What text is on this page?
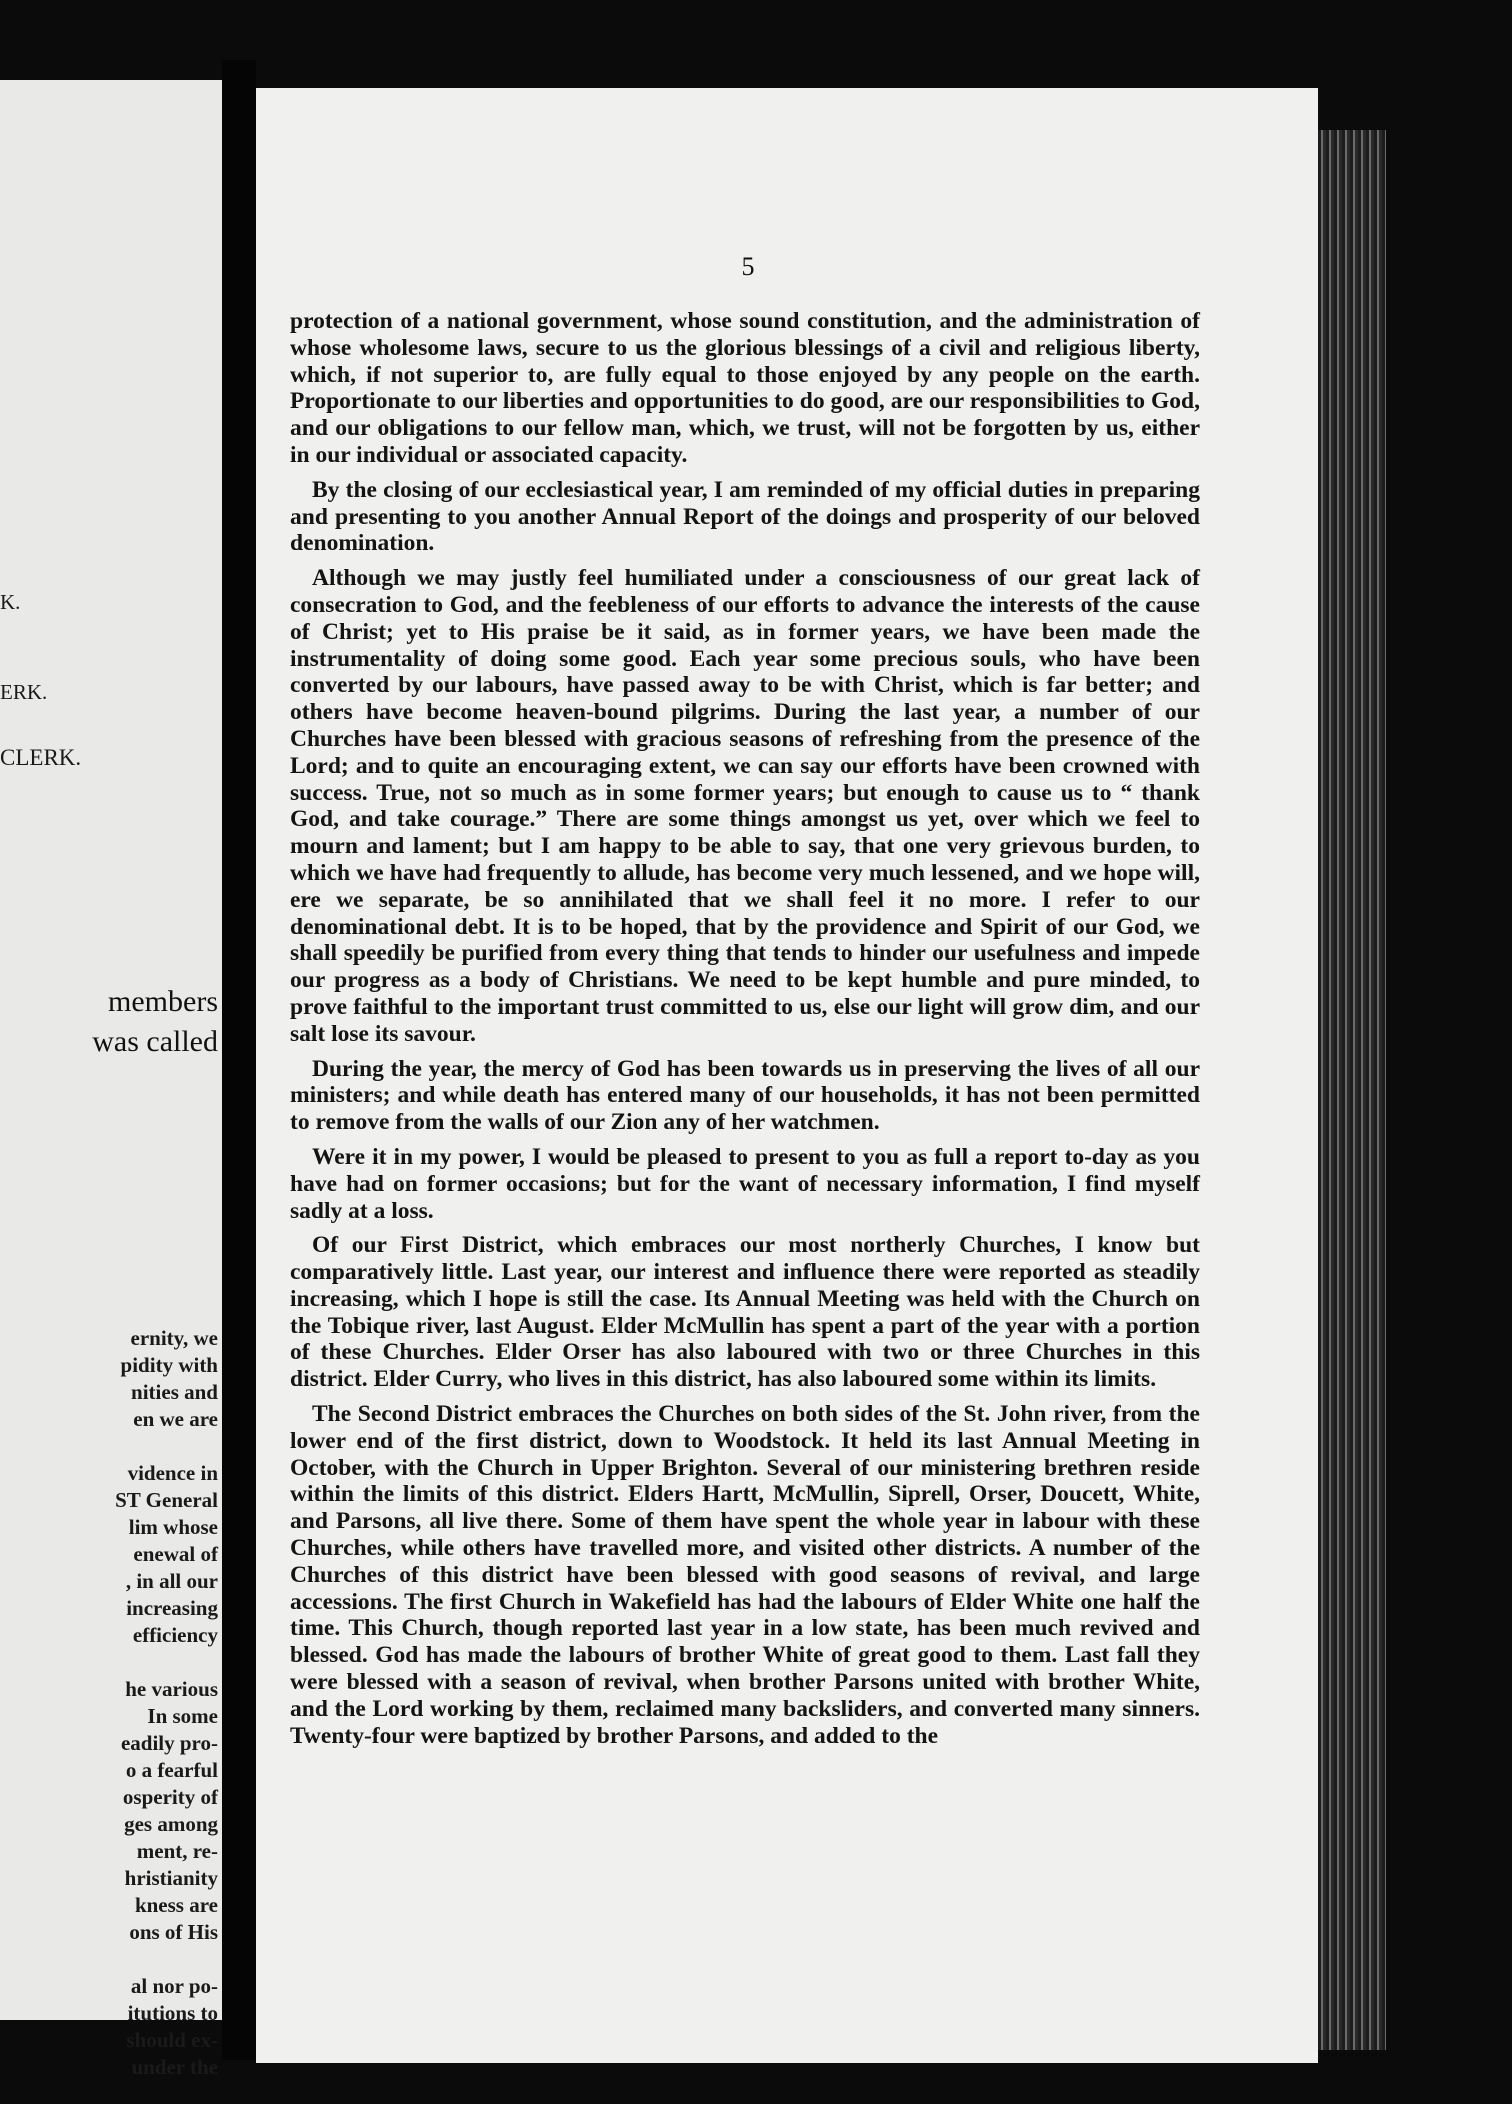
K.
ERK.
CLERK.
members
was called
ernity, we
pidity with
nities and
en we are

vidence in
ST General
lim whose
enewal of
, in all our
increasing
efficiency

he various
In some
eadily pro-
o a fearful
osperity of
ges among
ment, re-
hristianity
kness are
ons of His

al nor po-
itutions to
should ex-
under the
5

protection of a national government, whose sound constitution, and the administration of whose wholesome laws, secure to us the glorious blessings of a civil and religious liberty, which, if not superior to, are fully equal to those enjoyed by any people on the earth. Proportionate to our liberties and opportunities to do good, are our responsibilities to God, and our obligations to our fellow man, which, we trust, will not be forgotten by us, either in our individual or associated capacity.

By the closing of our ecclesiastical year, I am reminded of my official duties in preparing and presenting to you another Annual Report of the doings and prosperity of our beloved denomination.

Although we may justly feel humiliated under a consciousness of our great lack of consecration to God, and the feebleness of our efforts to advance the interests of the cause of Christ; yet to His praise be it said, as in former years, we have been made the instrumentality of doing some good. Each year some precious souls, who have been converted by our labours, have passed away to be with Christ, which is far better; and others have become heaven-bound pilgrims. During the last year, a number of our Churches have been blessed with gracious seasons of refreshing from the presence of the Lord; and to quite an encouraging extent, we can say our efforts have been crowned with success. True, not so much as in some former years; but enough to cause us to “ thank God, and take courage.” There are some things amongst us yet, over which we feel to mourn and lament; but I am happy to be able to say, that one very grievous burden, to which we have had frequently to allude, has become very much lessened, and we hope will, ere we separate, be so annihilated that we shall feel it no more. I refer to our denominational debt. It is to be hoped, that by the providence and Spirit of our God, we shall speedily be purified from every thing that tends to hinder our usefulness and impede our progress as a body of Christians. We need to be kept humble and pure minded, to prove faithful to the important trust committed to us, else our light will grow dim, and our salt lose its savour.

During the year, the mercy of God has been towards us in preserving the lives of all our ministers; and while death has entered many of our households, it has not been permitted to remove from the walls of our Zion any of her watchmen.

Were it in my power, I would be pleased to present to you as full a report to-day as you have had on former occasions; but for the want of necessary information, I find myself sadly at a loss.

Of our First District, which embraces our most northerly Churches, I know but comparatively little. Last year, our interest and influence there were reported as steadily increasing, which I hope is still the case. Its Annual Meeting was held with the Church on the Tobique river, last August. Elder McMullin has spent a part of the year with a portion of these Churches. Elder Orser has also laboured with two or three Churches in this district. Elder Curry, who lives in this district, has also laboured some within its limits.

The Second District embraces the Churches on both sides of the St. John river, from the lower end of the first district, down to Woodstock. It held its last Annual Meeting in October, with the Church in Upper Brighton. Several of our ministering brethren reside within the limits of this district. Elders Hartt, McMullin, Siprell, Orser, Doucett, White, and Parsons, all live there. Some of them have spent the whole year in labour with these Churches, while others have travelled more, and visited other districts. A number of the Churches of this district have been blessed with good seasons of revival, and large accessions. The first Church in Wakefield has had the labours of Elder White one half the time. This Church, though reported last year in a low state, has been much revived and blessed. God has made the labours of brother White of great good to them. Last fall they were blessed with a season of revival, when brother Parsons united with brother White, and the Lord working by them, reclaimed many backsliders, and converted many sinners. Twenty-four were baptized by brother Parsons, and added to the
